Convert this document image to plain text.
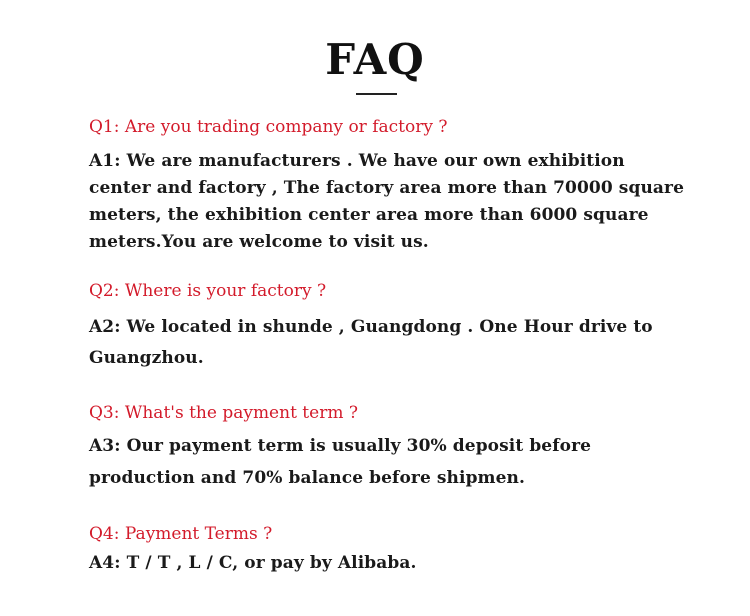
FAQ

Q1: Are you trading company or factory ?

A1: We are manufacturers . We have our own exhibition center and factory , The factory area more than 70000 square meters, the exhibition center area more than 6000 square meters.You are welcome to visit us.

Q2: Where is your factory ?

A2: We located in shunde , Guangdong . One Hour drive to Guangzhou.

Q3: What's the payment term ?

A3: Our payment term is usually 30% deposit before production and 70% balance before shipmen.

Q4: Payment Terms ?

A4: T / T , L / C, or pay by Alibaba.
